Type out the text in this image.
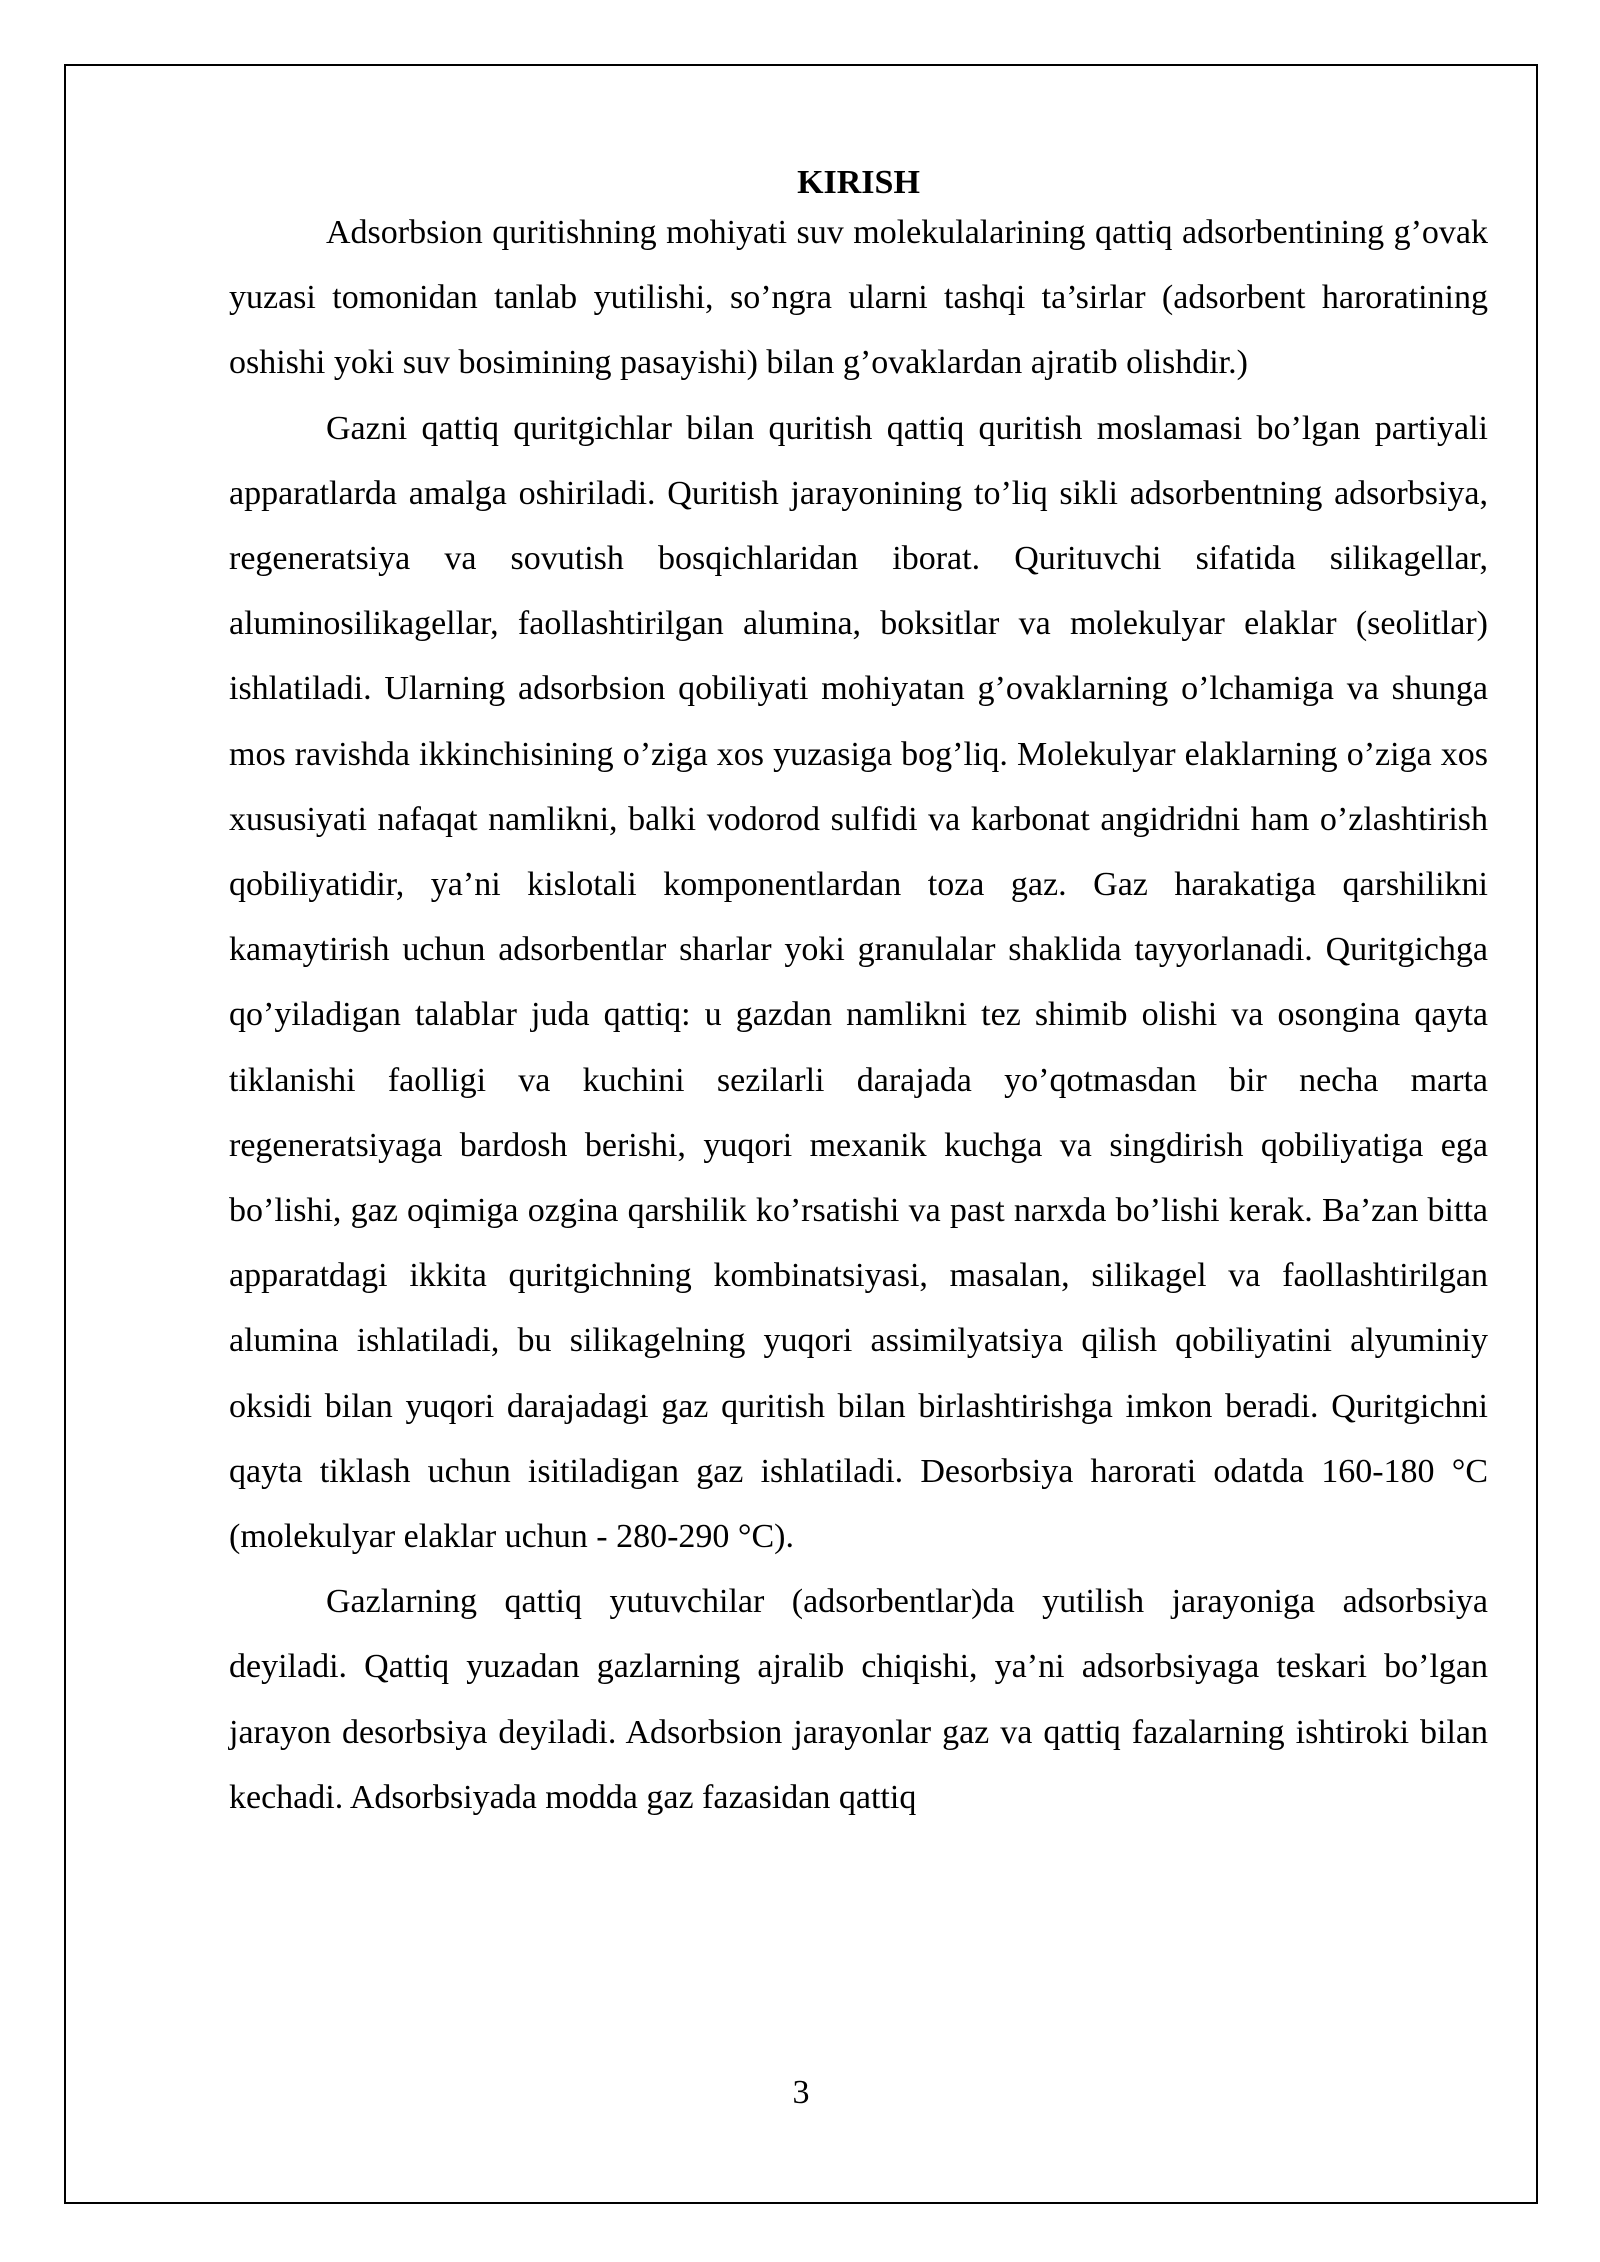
KIRISH

Adsorbsion quritishning mohiyati suv molekulalarining qattiq adsorbentining g’ovak yuzasi tomonidan tanlab yutilishi, so’ngra ularni tashqi ta’sirlar (adsorbent haroratining oshishi yoki suv bosimining pasayishi) bilan g’ovaklardan ajratib olishdir.)

Gazni qattiq quritgichlar bilan quritish qattiq quritish moslamasi bo’lgan partiyali apparatlarda amalga oshiriladi. Quritish jarayonining to’liq sikli adsorbentning adsorbsiya, regeneratsiya va sovutish bosqichlaridan iborat. Qurituvchi sifatida silikagellar, aluminosilikagellar, faollashtirilgan alumina, boksitlar va molekulyar elaklar (seolitlar) ishlatiladi. Ularning adsorbsion qobiliyati mohiyatan g’ovaklarning o’lchamiga va shunga mos ravishda ikkinchisining o’ziga xos yuzasiga bog’liq. Molekulyar elaklarning o’ziga xos xususiyati nafaqat namlikni, balki vodorod sulfidi va karbonat angidridni ham o’zlashtirish qobiliyatidir, ya’ni kislotali komponentlardan toza gaz. Gaz harakatiga qarshilikni kamaytirish uchun adsorbentlar sharlar yoki granulalar shaklida tayyorlanadi. Quritgichga qo’yiladigan talablar juda qattiq: u gazdan namlikni tez shimib olishi va osongina qayta tiklanishi faolligi va kuchini sezilarli darajada yo’qotmasdan bir necha marta regeneratsiyaga bardosh berishi, yuqori mexanik kuchga va singdirish qobiliyatiga ega bo’lishi, gaz oqimiga ozgina qarshilik ko’rsatishi va past narxda bo’lishi kerak. Ba’zan bitta apparatdagi ikkita quritgichning kombinatsiyasi, masalan, silikagel va faollashtirilgan alumina ishlatiladi, bu silikagelning yuqori assimilyatsiya qilish qobiliyatini alyuminiy oksidi bilan yuqori darajadagi gaz quritish bilan birlashtirishga imkon beradi. Quritgichni qayta tiklash uchun isitiladigan gaz ishlatiladi. Desorbsiya harorati odatda 160-180 °C (molekulyar elaklar uchun - 280-290 °C).

Gazlarning qattiq yutuvchilar (adsorbentlar)da yutilish jarayoniga adsorbsiya deyiladi. Qattiq yuzadan gazlarning ajralib chiqishi, ya’ni adsorbsiyaga teskari bo’lgan jarayon desorbsiya deyiladi. Adsorbsion jarayonlar gaz va qattiq fazalarning ishtiroki bilan kechadi. Adsorbsiyada modda gaz fazasidan qattiq

3
